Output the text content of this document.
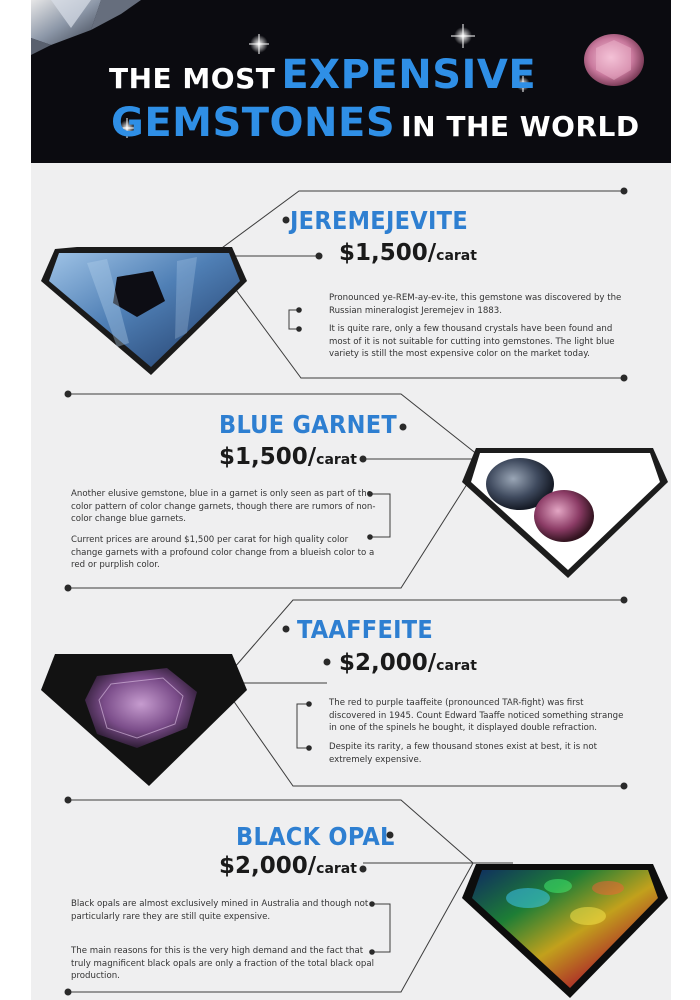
THE MOST EXPENSIVE
GEMSTONES IN THE WORLD
JEREMEJEVITE
$1,500/carat

Pronounced ye-REM-ay-ev-ite, this gemstone was discovered by the Russian mineralogist Jeremejev in 1883.

It is quite rare, only a few thousand crystals have been found and most of it is not suitable for cutting into gemstones. The light blue variety is still the most expensive color on the market today.

BLUE GARNET
$1,500/carat

Another elusive gemstone, blue in a garnet is only seen as part of the color pattern of color change garnets, though there are rumors of non-color change blue garnets.

Current prices are around $1,500 per carat for high quality color change garnets with a profound color change from a blueish color to a red or purplish color.

TAAFFEITE
$2,000/carat

The red to purple taaffeite (pronounced TAR-fight) was first discovered in 1945. Count Edward Taaffe noticed something strange in one of the spinels he bought, it displayed double refraction.

Despite its rarity, a few thousand stones exist at best, it is not extremely expensive.

BLACK OPAL
$2,000/carat

Black opals are almost exclusively mined in Australia and though not particularly rare they are still quite expensive.

The main reasons for this is the very high demand and the fact that truly magnificent black opals are only a fraction of the total black opal production.
